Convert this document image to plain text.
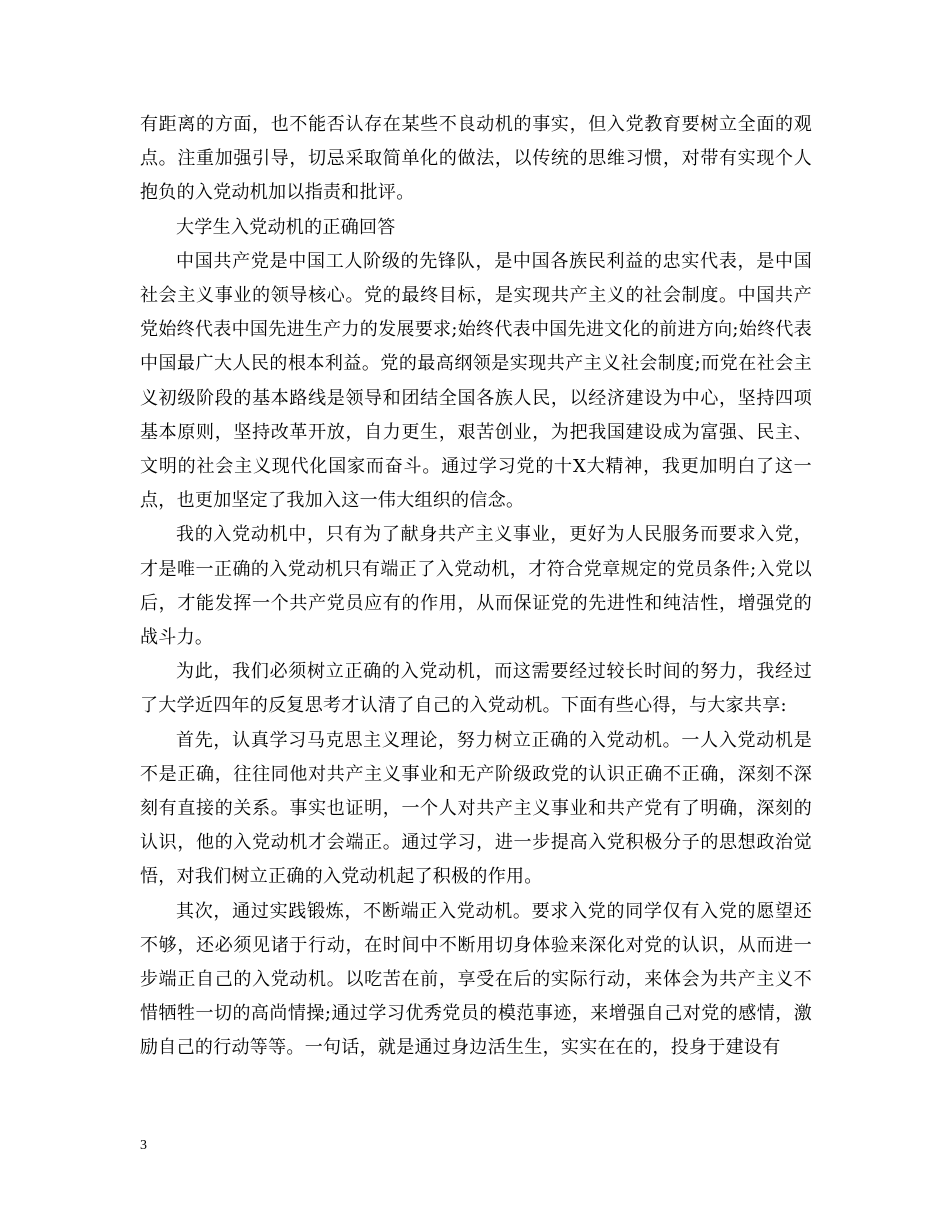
有距离的方面，也不能否认存在某些不良动机的事实，但入党教育要树立全面的观点。注重加强引导，切忌采取简单化的做法，以传统的思维习惯，对带有实现个人抱负的入党动机加以指责和批评。

大学生入党动机的正确回答

中国共产党是中国工人阶级的先锋队，是中国各族民利益的忠实代表，是中国社会主义事业的领导核心。党的最终目标，是实现共产主义的社会制度。中国共产党始终代表中国先进生产力的发展要求;始终代表中国先进文化的前进方向;始终代表中国最广大人民的根本利益。党的最高纲领是实现共产主义社会制度;而党在社会主义初级阶段的基本路线是领导和团结全国各族人民，以经济建设为中心，坚持四项基本原则，坚持改革开放，自力更生，艰苦创业，为把我国建设成为富强、民主、文明的社会主义现代化国家而奋斗。通过学习党的十X大精神，我更加明白了这一点，也更加坚定了我加入这一伟大组织的信念。

我的入党动机中，只有为了献身共产主义事业，更好为人民服务而要求入党，才是唯一正确的入党动机只有端正了入党动机，才符合党章规定的党员条件;入党以后，才能发挥一个共产党员应有的作用，从而保证党的先进性和纯洁性，增强党的战斗力。

为此，我们必须树立正确的入党动机，而这需要经过较长时间的努力，我经过了大学近四年的反复思考才认清了自己的入党动机。下面有些心得，与大家共享:

首先，认真学习马克思主义理论，努力树立正确的入党动机。一人入党动机是不是正确，往往同他对共产主义事业和无产阶级政党的认识正确不正确，深刻不深刻有直接的关系。事实也证明，一个人对共产主义事业和共产党有了明确，深刻的认识，他的入党动机才会端正。通过学习，进一步提高入党积极分子的思想政治觉悟，对我们树立正确的入党动机起了积极的作用。

其次，通过实践锻炼，不断端正入党动机。要求入党的同学仅有入党的愿望还不够，还必须见诸于行动，在时间中不断用切身体验来深化对党的认识，从而进一步端正自己的入党动机。以吃苦在前，享受在后的实际行动，来体会为共产主义不惜牺牲一切的高尚情操;通过学习优秀党员的模范事迹，来增强自己对党的感情，激励自己的行动等等。一句话，就是通过身边活生生，实实在在的，投身于建设有

3
